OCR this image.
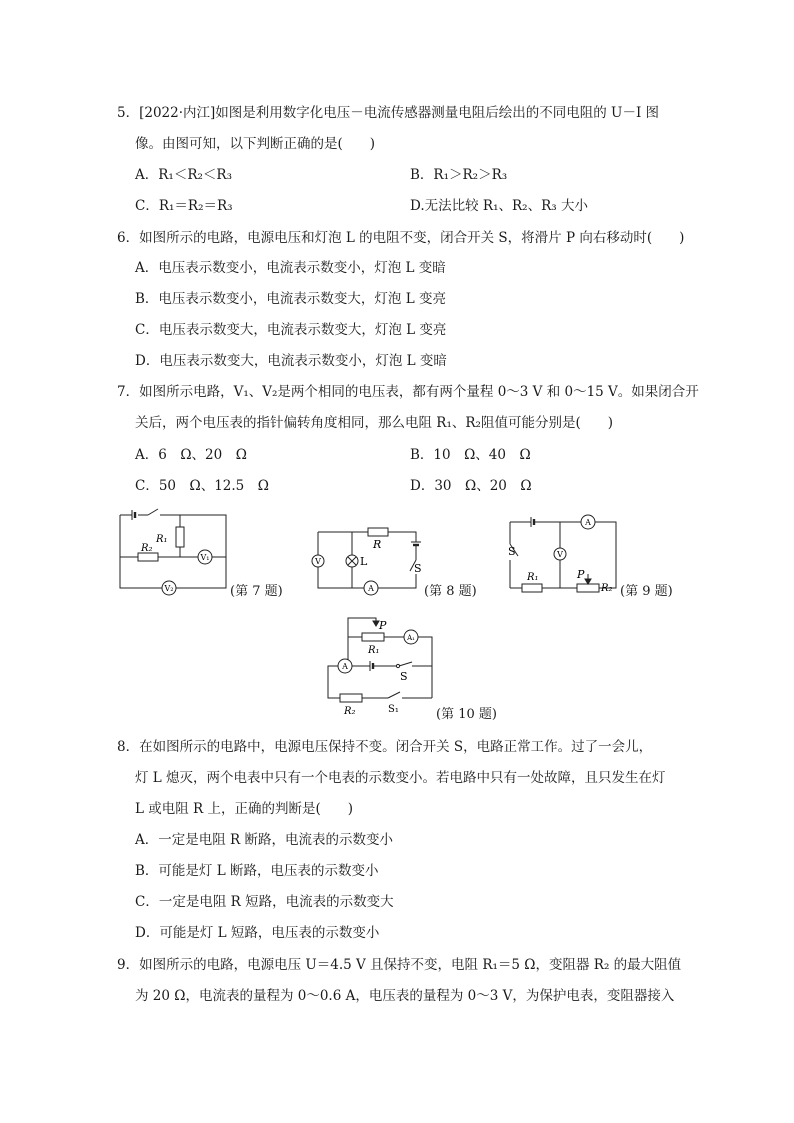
5．[2022·内江]如图是利用数字化电压－电流传感器测量电阻后绘出的不同电阻的 U－I 图
像。由图可知，以下判断正确的是(　　)
A．R₁＜R₂＜R₃	B．R₁＞R₂＞R₃
C．R₁＝R₂＝R₃	D.无法比较 R₁、R₂、R₃ 大小
6．如图所示的电路，电源电压和灯泡 L 的电阻不变，闭合开关 S，将滑片 P 向右移动时(　　)
A．电压表示数变小，电流表示数变小，灯泡 L 变暗
B．电压表示数变小，电流表示数变大，灯泡 L 变亮
C．电压表示数变大，电流表示数变大，灯泡 L 变亮
D．电压表示数变大，电流表示数变小，灯泡 L 变暗
7．如图所示电路，V₁、V₂是两个相同的电压表，都有两个量程 0～3 V 和 0～15 V。如果闭合开
关后，两个电压表的指针偏转角度相同，那么电阻 R₁、R₂阻值可能分别是(　　)
A．6　Ω、20　Ω	B．10　Ω、40　Ω
C．50　Ω、12.5　Ω	D．30　Ω、20　Ω
R₁
R₂
V₁
V₂	(第 7 题)
V	L
R
S
A	(第 8 题)
S	V
A
R₁
R₂
P
(第 9 题)
P
R₁
A₁
A
S
R₂	S₁	(第 10 题)
8．在如图所示的电路中，电源电压保持不变。闭合开关 S，电路正常工作。过了一会儿，
灯 L 熄灭，两个电表中只有一个电表的示数变小。若电路中只有一处故障，且只发生在灯
L 或电阻 R 上，正确的判断是(　　)
A．一定是电阻 R 断路，电流表的示数变小
B．可能是灯 L 断路，电压表的示数变小
C．一定是电阻 R 短路，电流表的示数变大
D．可能是灯 L 短路，电压表的示数变小
9．如图所示的电路，电源电压 U＝4.5 V 且保持不变，电阻 R₁＝5 Ω，变阻器 R₂ 的最大阻值
为 20 Ω，电流表的量程为 0～0.6 A，电压表的量程为 0～3 V，为保护电表，变阻器接入
